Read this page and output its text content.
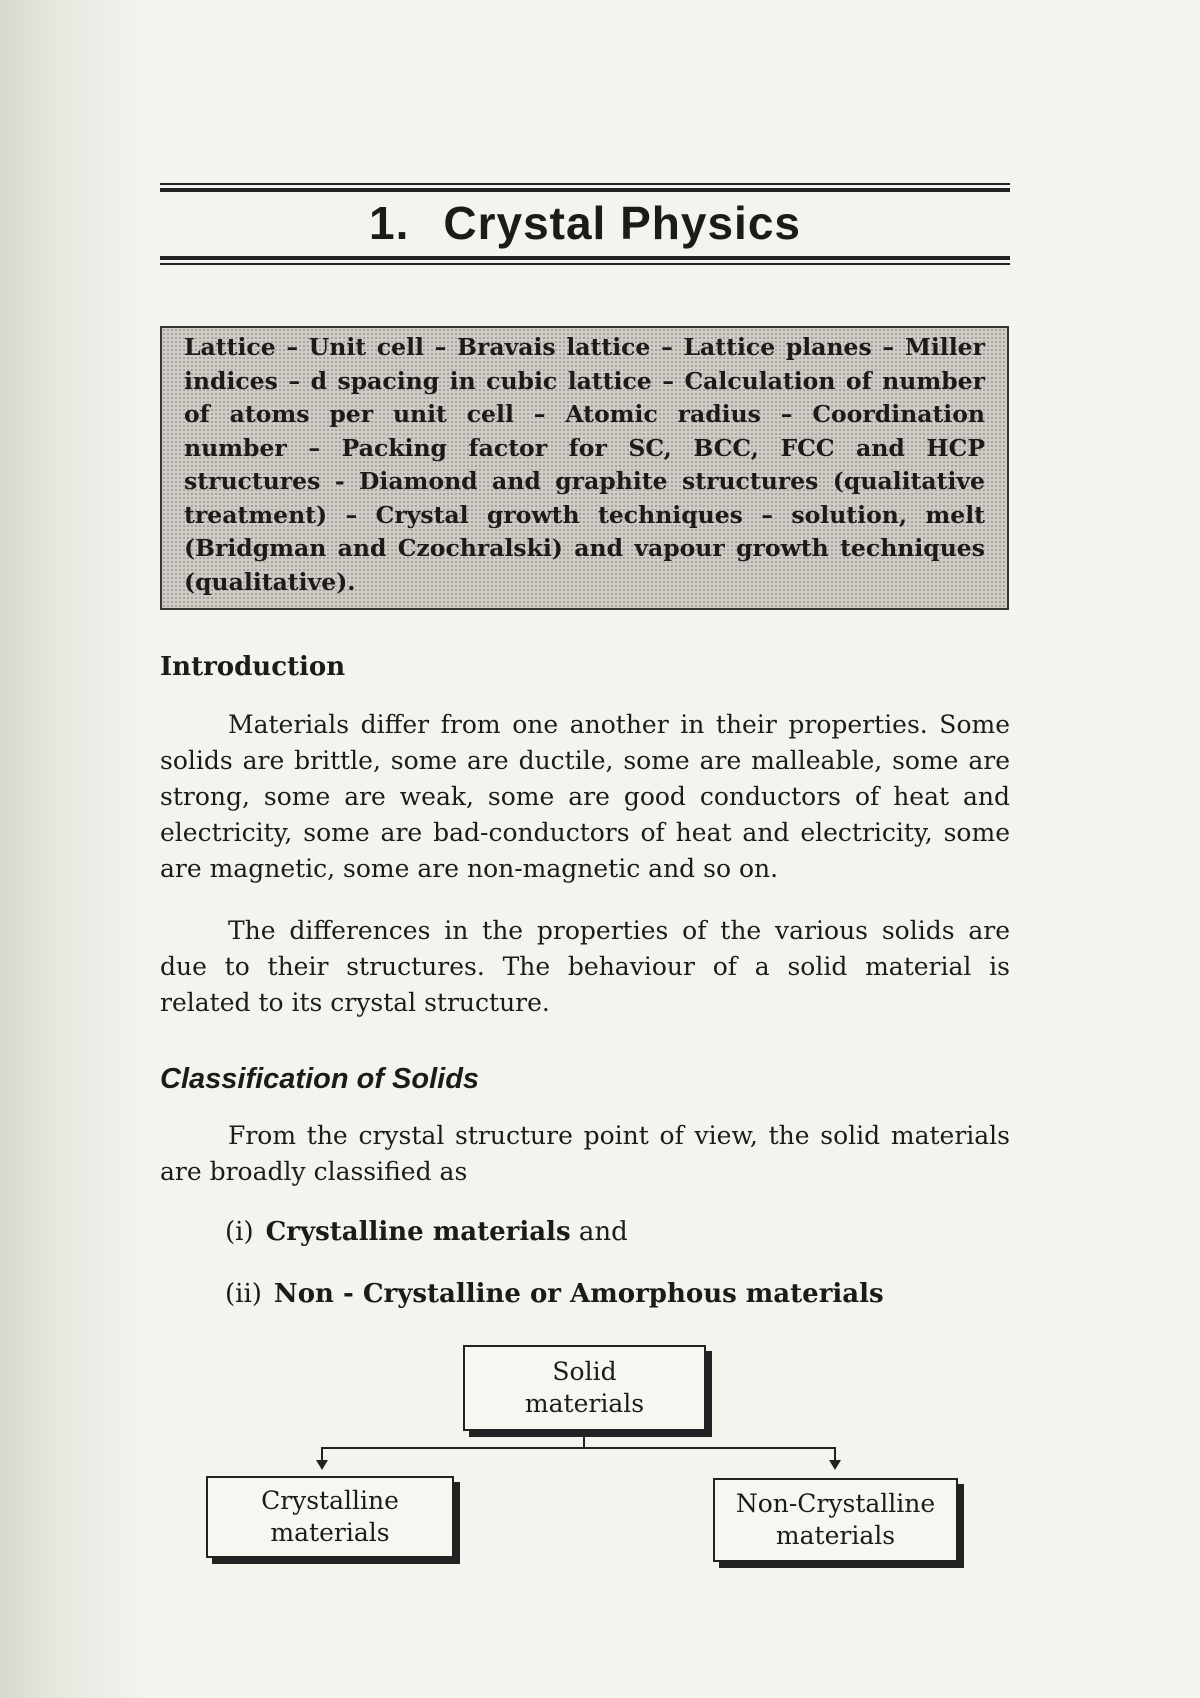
1. Crystal Physics
Lattice – Unit cell – Bravais lattice – Lattice planes – Miller indices – d spacing in cubic lattice – Calculation of number of atoms per unit cell – Atomic radius – Coordination number – Packing factor for SC, BCC, FCC and HCP structures - Diamond and graphite structures (qualitative treatment) – Crystal growth techniques – solution, melt (Bridgman and Czochralski) and vapour growth techniques (qualitative).
Introduction

Materials differ from one another in their properties. Some solids are brittle, some are ductile, some are malleable, some are strong, some are weak, some are good conductors of heat and electricity, some are bad-conductors of heat and electricity, some are magnetic, some are non-magnetic and so on.

The differences in the properties of the various solids are due to their structures. The behaviour of a solid material is related to its crystal structure.

Classification of Solids

From the crystal structure point of view, the solid materials are broadly classified as

(i) Crystalline materials and

(ii) Non - Crystalline or Amorphous materials

Solid materials
Crystalline materials
Non-Crystalline materials
